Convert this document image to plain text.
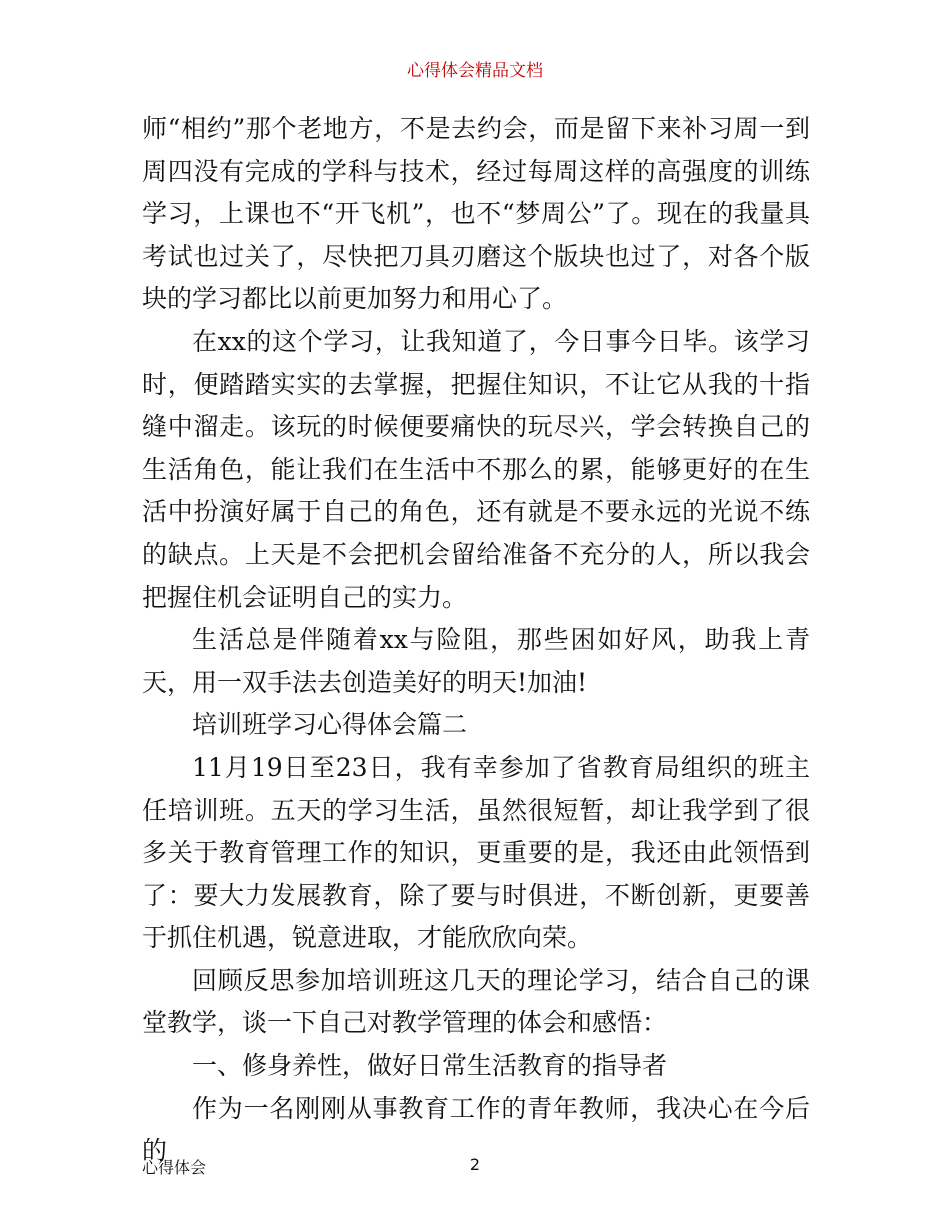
心得体会精品文档

师“相约”那个老地方，不是去约会，而是留下来补习周一到周四没有完成的学科与技术，经过每周这样的高强度的训练学习，上课也不“开飞机”，也不“梦周公”了。现在的我量具考试也过关了，尽快把刀具刃磨这个版块也过了，对各个版块的学习都比以前更加努力和用心了。

在xx的这个学习，让我知道了，今日事今日毕。该学习时，便踏踏实实的去掌握，把握住知识，不让它从我的十指缝中溜走。该玩的时候便要痛快的玩尽兴，学会转换自己的生活角色，能让我们在生活中不那么的累，能够更好的在生活中扮演好属于自己的角色，还有就是不要永远的光说不练的缺点。上天是不会把机会留给准备不充分的人，所以我会把握住机会证明自己的实力。

生活总是伴随着xx与险阻，那些困如好风，助我上青天，用一双手法去创造美好的明天!加油!

培训班学习心得体会篇二

11月19日至23日，我有幸参加了省教育局组织的班主任培训班。五天的学习生活，虽然很短暂，却让我学到了很多关于教育管理工作的知识，更重要的是，我还由此领悟到了：要大力发展教育，除了要与时俱进，不断创新，更要善于抓住机遇，锐意进取，才能欣欣向荣。

回顾反思参加培训班这几天的理论学习，结合自己的课堂教学，谈一下自己对教学管理的体会和感悟：

一、修身养性，做好日常生活教育的指导者

作为一名刚刚从事教育工作的青年教师，我决心在今后的

心得体会	2
